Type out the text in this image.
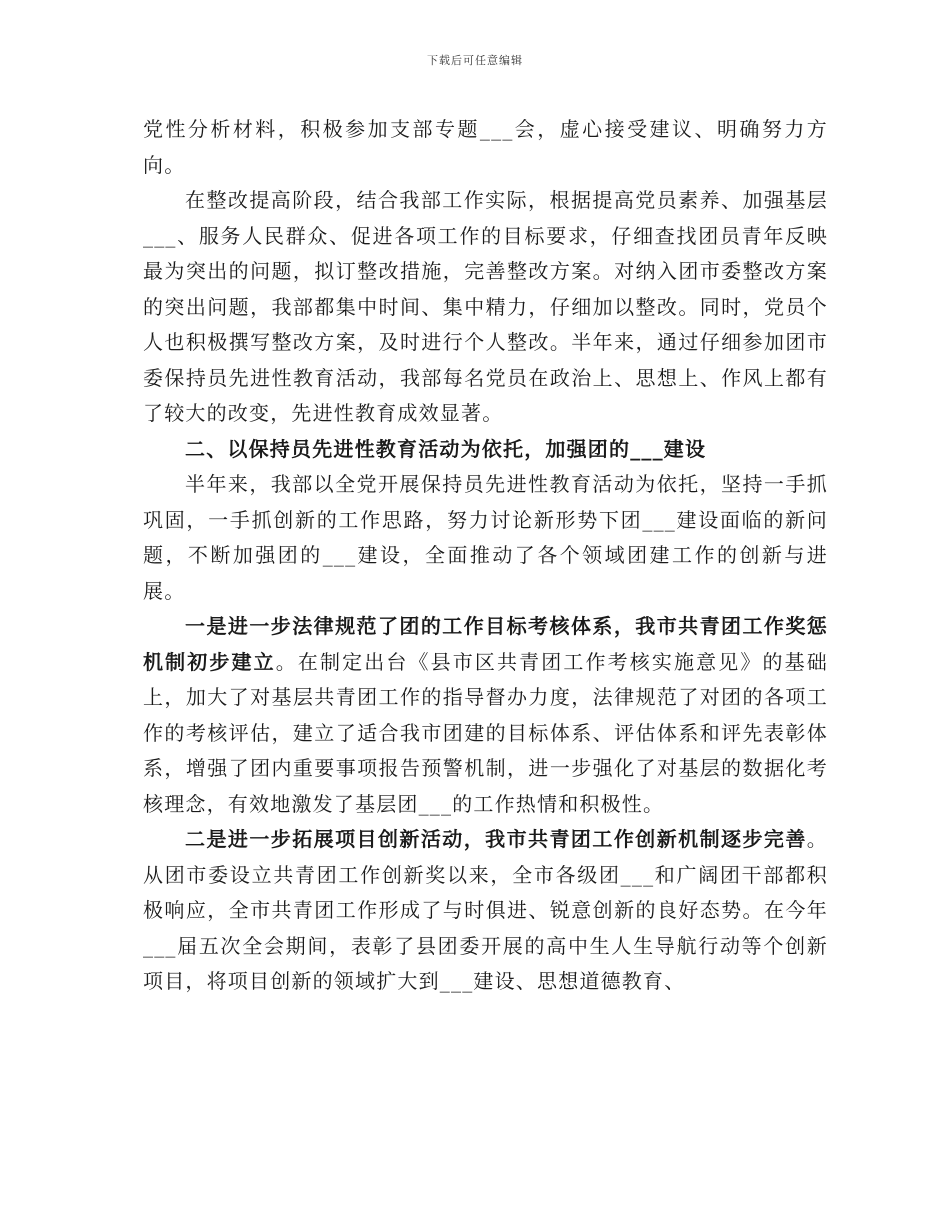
下载后可任意编辑

党性分析材料，积极参加支部专题___会，虚心接受建议、明确努力方向。

在整改提高阶段，结合我部工作实际，根据提高党员素养、加强基层___、服务人民群众、促进各项工作的目标要求，仔细查找团员青年反映最为突出的问题，拟订整改措施，完善整改方案。对纳入团市委整改方案的突出问题，我部都集中时间、集中精力，仔细加以整改。同时，党员个人也积极撰写整改方案，及时进行个人整改。半年来，通过仔细参加团市委保持员先进性教育活动，我部每名党员在政治上、思想上、作风上都有了较大的改变，先进性教育成效显著。

二、以保持员先进性教育活动为依托，加强团的___建设

半年来，我部以全党开展保持员先进性教育活动为依托，坚持一手抓巩固，一手抓创新的工作思路，努力讨论新形势下团___建设面临的新问题，不断加强团的___建设，全面推动了各个领域团建工作的创新与进展。

一是进一步法律规范了团的工作目标考核体系，我市共青团工作奖惩机制初步建立。在制定出台《县市区共青团工作考核实施意见》的基础上，加大了对基层共青团工作的指导督办力度，法律规范了对团的各项工作的考核评估，建立了适合我市团建的目标体系、评估体系和评先表彰体系，增强了团内重要事项报告预警机制，进一步强化了对基层的数据化考核理念，有效地激发了基层团___的工作热情和积极性。

二是进一步拓展项目创新活动，我市共青团工作创新机制逐步完善。从团市委设立共青团工作创新奖以来，全市各级团___和广阔团干部都积极响应，全市共青团工作形成了与时俱进、锐意创新的良好态势。在今年___届五次全会期间，表彰了县团委开展的高中生人生导航行动等个创新项目，将项目创新的领域扩大到___建设、思想道德教育、
